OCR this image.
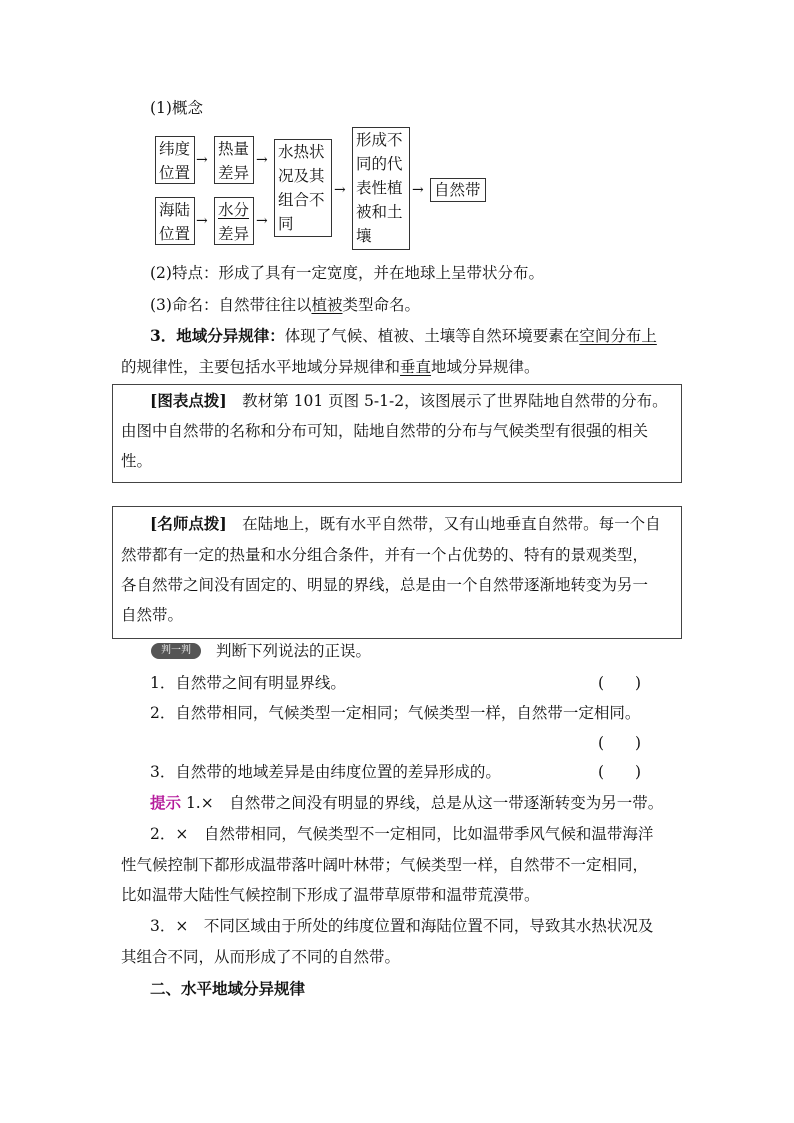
(1)概念
纬度
位置
→
热量
差异
→
海陆
位置
→
水分
差异
→
水热状
况及其
组合不
同
→
形成不
同的代
表性植
被和土
壤
→ 自然带
(2)特点：形成了具有一定宽度，并在地球上呈带状分布。
(3)命名：自然带往往以植被类型命名。
3．地域分异规律：体现了气候、植被、土壤等自然环境要素在空间分布上
的规律性，主要包括水平地域分异规律和垂直地域分异规律。
[图表点拨]　教材第 101 页图 5-1-2，该图展示了世界陆地自然带的分布。
由图中自然带的名称和分布可知，陆地自然带的分布与气候类型有很强的相关
性。
[名师点拨]　在陆地上，既有水平自然带，又有山地垂直自然带。每一个自
然带都有一定的热量和水分组合条件，并有一个占优势的、特有的景观类型，
各自然带之间没有固定的、明显的界线，总是由一个自然带逐渐地转变为另一
自然带。
判一判	判断下列说法的正误。
1．自然带之间有明显界线。	(　　)
2．自然带相同，气候类型一定相同；气候类型一样，自然带一定相同。
(　　)
3．自然带的地域差异是由纬度位置的差异形成的。	(　　)
提示 1.×　自然带之间没有明显的界线，总是从这一带逐渐转变为另一带。
2．×　自然带相同，气候类型不一定相同，比如温带季风气候和温带海洋
性气候控制下都形成温带落叶阔叶林带；气候类型一样，自然带不一定相同，
比如温带大陆性气候控制下形成了温带草原带和温带荒漠带。
3．×　不同区域由于所处的纬度位置和海陆位置不同，导致其水热状况及
其组合不同，从而形成了不同的自然带。
二、水平地域分异规律
